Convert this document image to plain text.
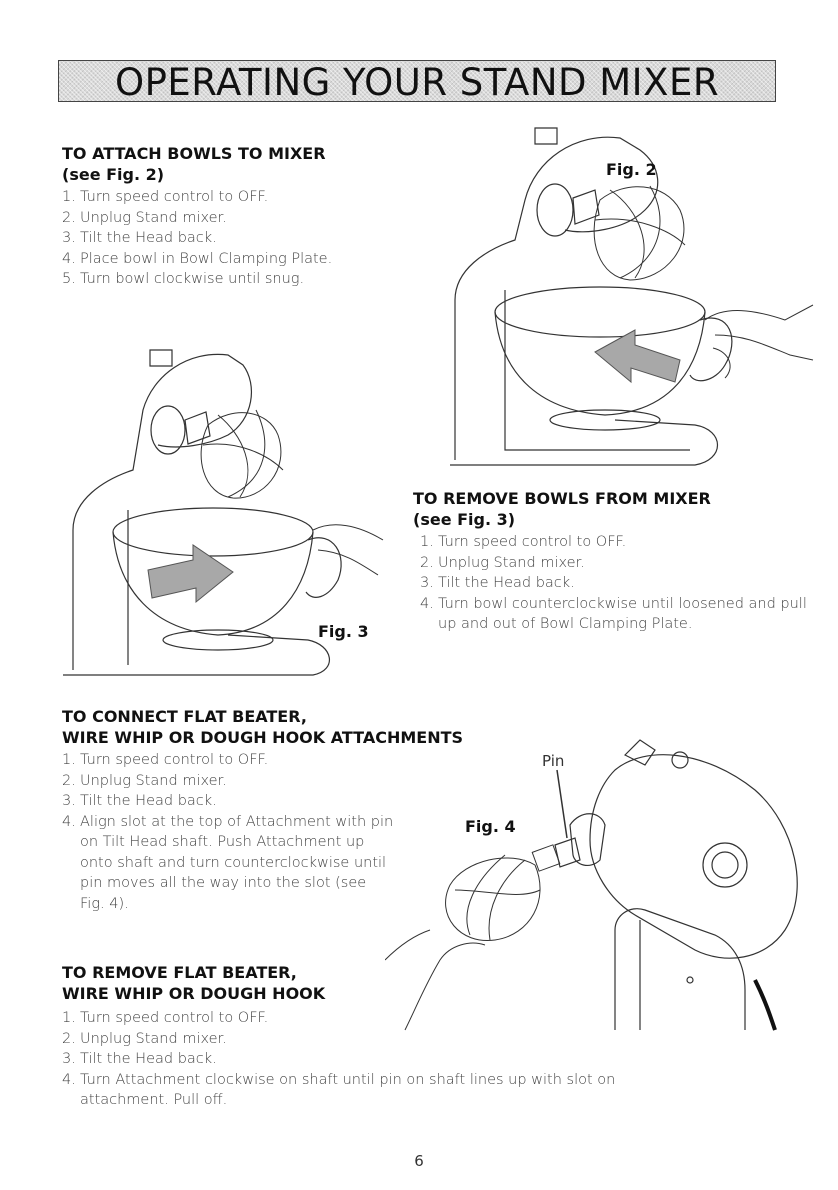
OPERATING YOUR STAND MIXER
TO ATTACH BOWLS TO MIXER
(see Fig. 2)
1. Turn speed control to OFF.
2. Unplug Stand mixer.
3. Tilt the Head back.
4. Place bowl in Bowl Clamping Plate.
5. Turn bowl clockwise until snug.
Fig. 2
Fig. 3
TO REMOVE BOWLS FROM MIXER
(see Fig. 3)
1. Turn speed control to OFF.
2. Unplug Stand mixer.
3. Tilt the Head back.
4. Turn bowl counterclockwise until loosened and pull up and out of Bowl Clamping Plate.
TO CONNECT FLAT BEATER,
WIRE WHIP OR DOUGH HOOK ATTACHMENTS
1. Turn speed control to OFF.
2. Unplug Stand mixer.
3. Tilt the Head back.
4. Align slot at the top of Attachment with pin on Tilt Head shaft. Push Attachment up onto shaft and turn counterclockwise until pin moves all the way into the slot (see Fig. 4).
Pin
Fig. 4
TO REMOVE FLAT BEATER,
WIRE WHIP OR DOUGH HOOK
1. Turn speed control to OFF.
2. Unplug Stand mixer.
3. Tilt the Head back.
4. Turn Attachment clockwise on shaft until pin on shaft lines up with slot on attachment. Pull off.
6
